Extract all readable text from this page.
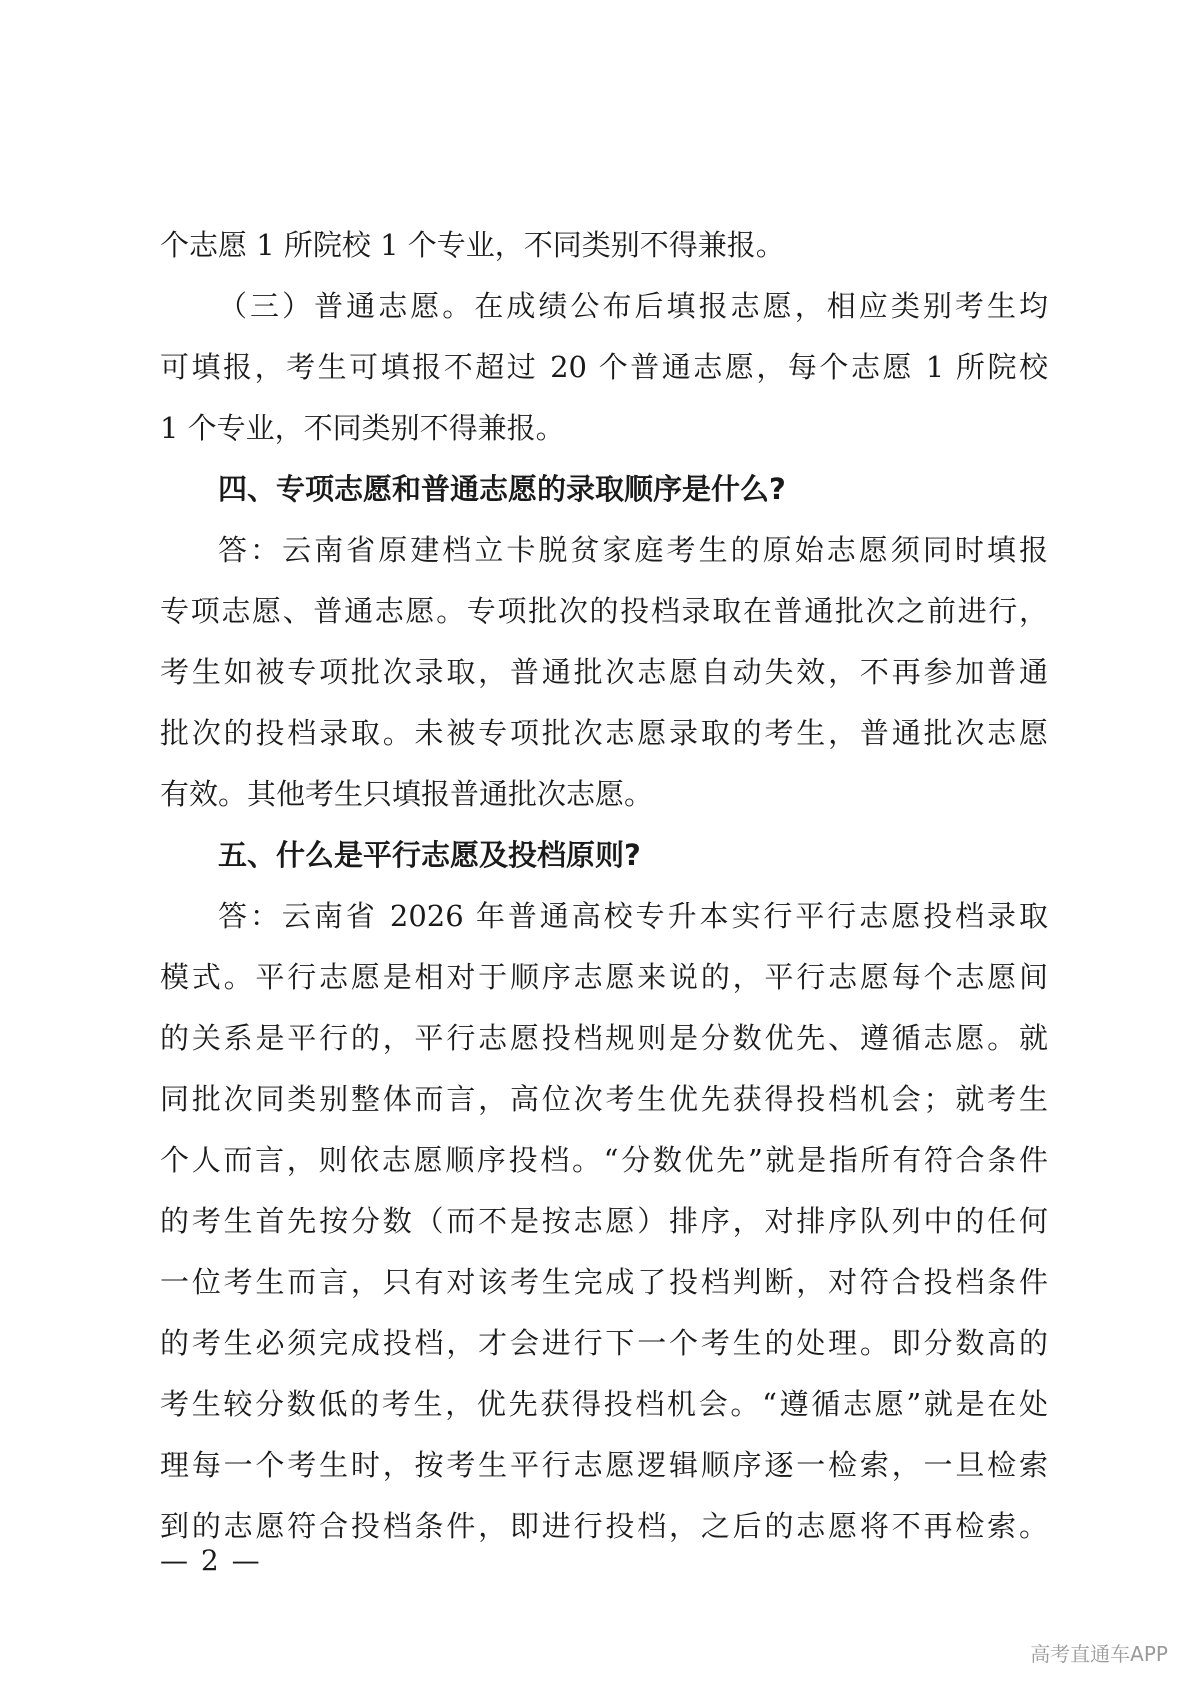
个志愿 1 所院校 1 个专业，不同类别不得兼报。
（三）普通志愿。在成绩公布后填报志愿，相应类别考生均
可填报，考生可填报不超过 20 个普通志愿，每个志愿 1 所院校
1 个专业，不同类别不得兼报。
四、专项志愿和普通志愿的录取顺序是什么?
答：云南省原建档立卡脱贫家庭考生的原始志愿须同时填报
专项志愿、普通志愿。专项批次的投档录取在普通批次之前进行，
考生如被专项批次录取，普通批次志愿自动失效，不再参加普通
批次的投档录取。未被专项批次志愿录取的考生，普通批次志愿
有效。其他考生只填报普通批次志愿。
五、什么是平行志愿及投档原则?
答：云南省 2026 年普通高校专升本实行平行志愿投档录取
模式。平行志愿是相对于顺序志愿来说的，平行志愿每个志愿间
的关系是平行的，平行志愿投档规则是分数优先、遵循志愿。就
同批次同类别整体而言，高位次考生优先获得投档机会；就考生
个人而言，则依志愿顺序投档。“分数优先”就是指所有符合条件
的考生首先按分数（而不是按志愿）排序，对排序队列中的任何
一位考生而言，只有对该考生完成了投档判断，对符合投档条件
的考生必须完成投档，才会进行下一个考生的处理。即分数高的
考生较分数低的考生，优先获得投档机会。“遵循志愿”就是在处
理每一个考生时，按考生平行志愿逻辑顺序逐一检索，一旦检索
到的志愿符合投档条件，即进行投档，之后的志愿将不再检索。
— 2 —
高考直通车APP
